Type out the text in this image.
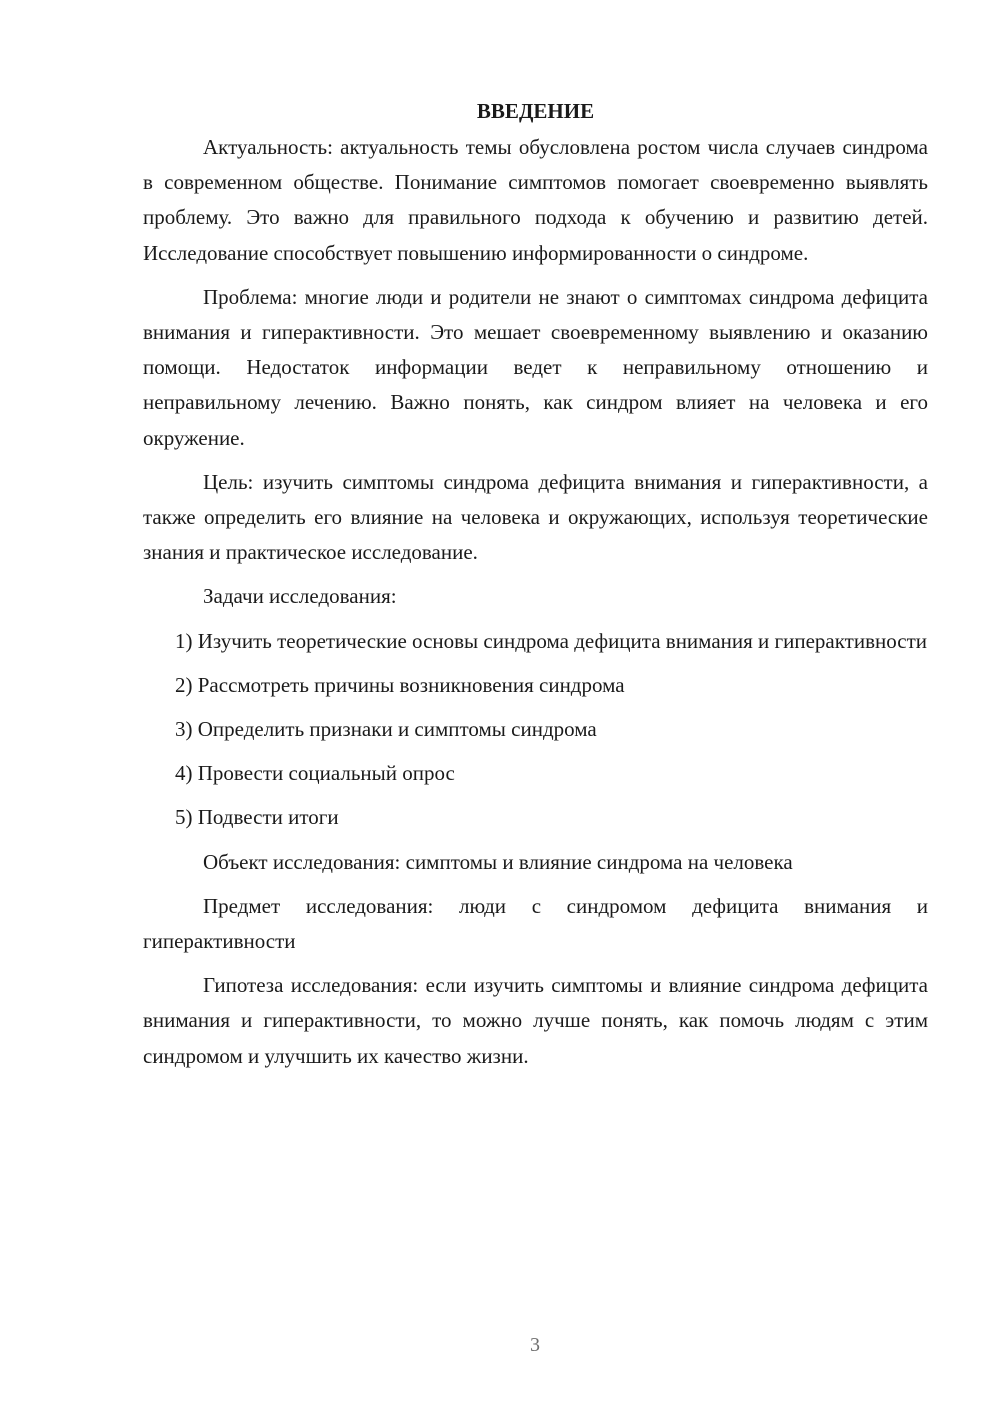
ВВЕДЕНИЕ

Актуальность: актуальность темы обусловлена ростом числа случаев синдрома в современном обществе. Понимание симптомов помогает своевременно выявлять проблему. Это важно для правильного подхода к обучению и развитию детей. Исследование способствует повышению информированности о синдроме.

Проблема: многие люди и родители не знают о симптомах синдрома дефицита внимания и гиперактивности. Это мешает своевременному выявлению и оказанию помощи. Недостаток информации ведет к неправильному отношению и неправильному лечению. Важно понять, как синдром влияет на человека и его окружение.

Цель: изучить симптомы синдрома дефицита внимания и гиперактивности, а также определить его влияние на человека и окружающих, используя теоретические знания и практическое исследование.

Задачи исследования:

1) Изучить теоретические основы синдрома дефицита внимания и гиперактивности

2) Рассмотреть причины возникновения синдрома

3) Определить признаки и симптомы синдрома

4) Провести социальный опрос

5) Подвести итоги

Объект исследования: симптомы и влияние синдрома на человека

Предмет исследования: люди с синдромом дефицита внимания и гиперактивности

Гипотеза исследования: если изучить симптомы и влияние синдрома дефицита внимания и гиперактивности, то можно лучше понять, как помочь людям с этим синдромом и улучшить их качество жизни.

3
